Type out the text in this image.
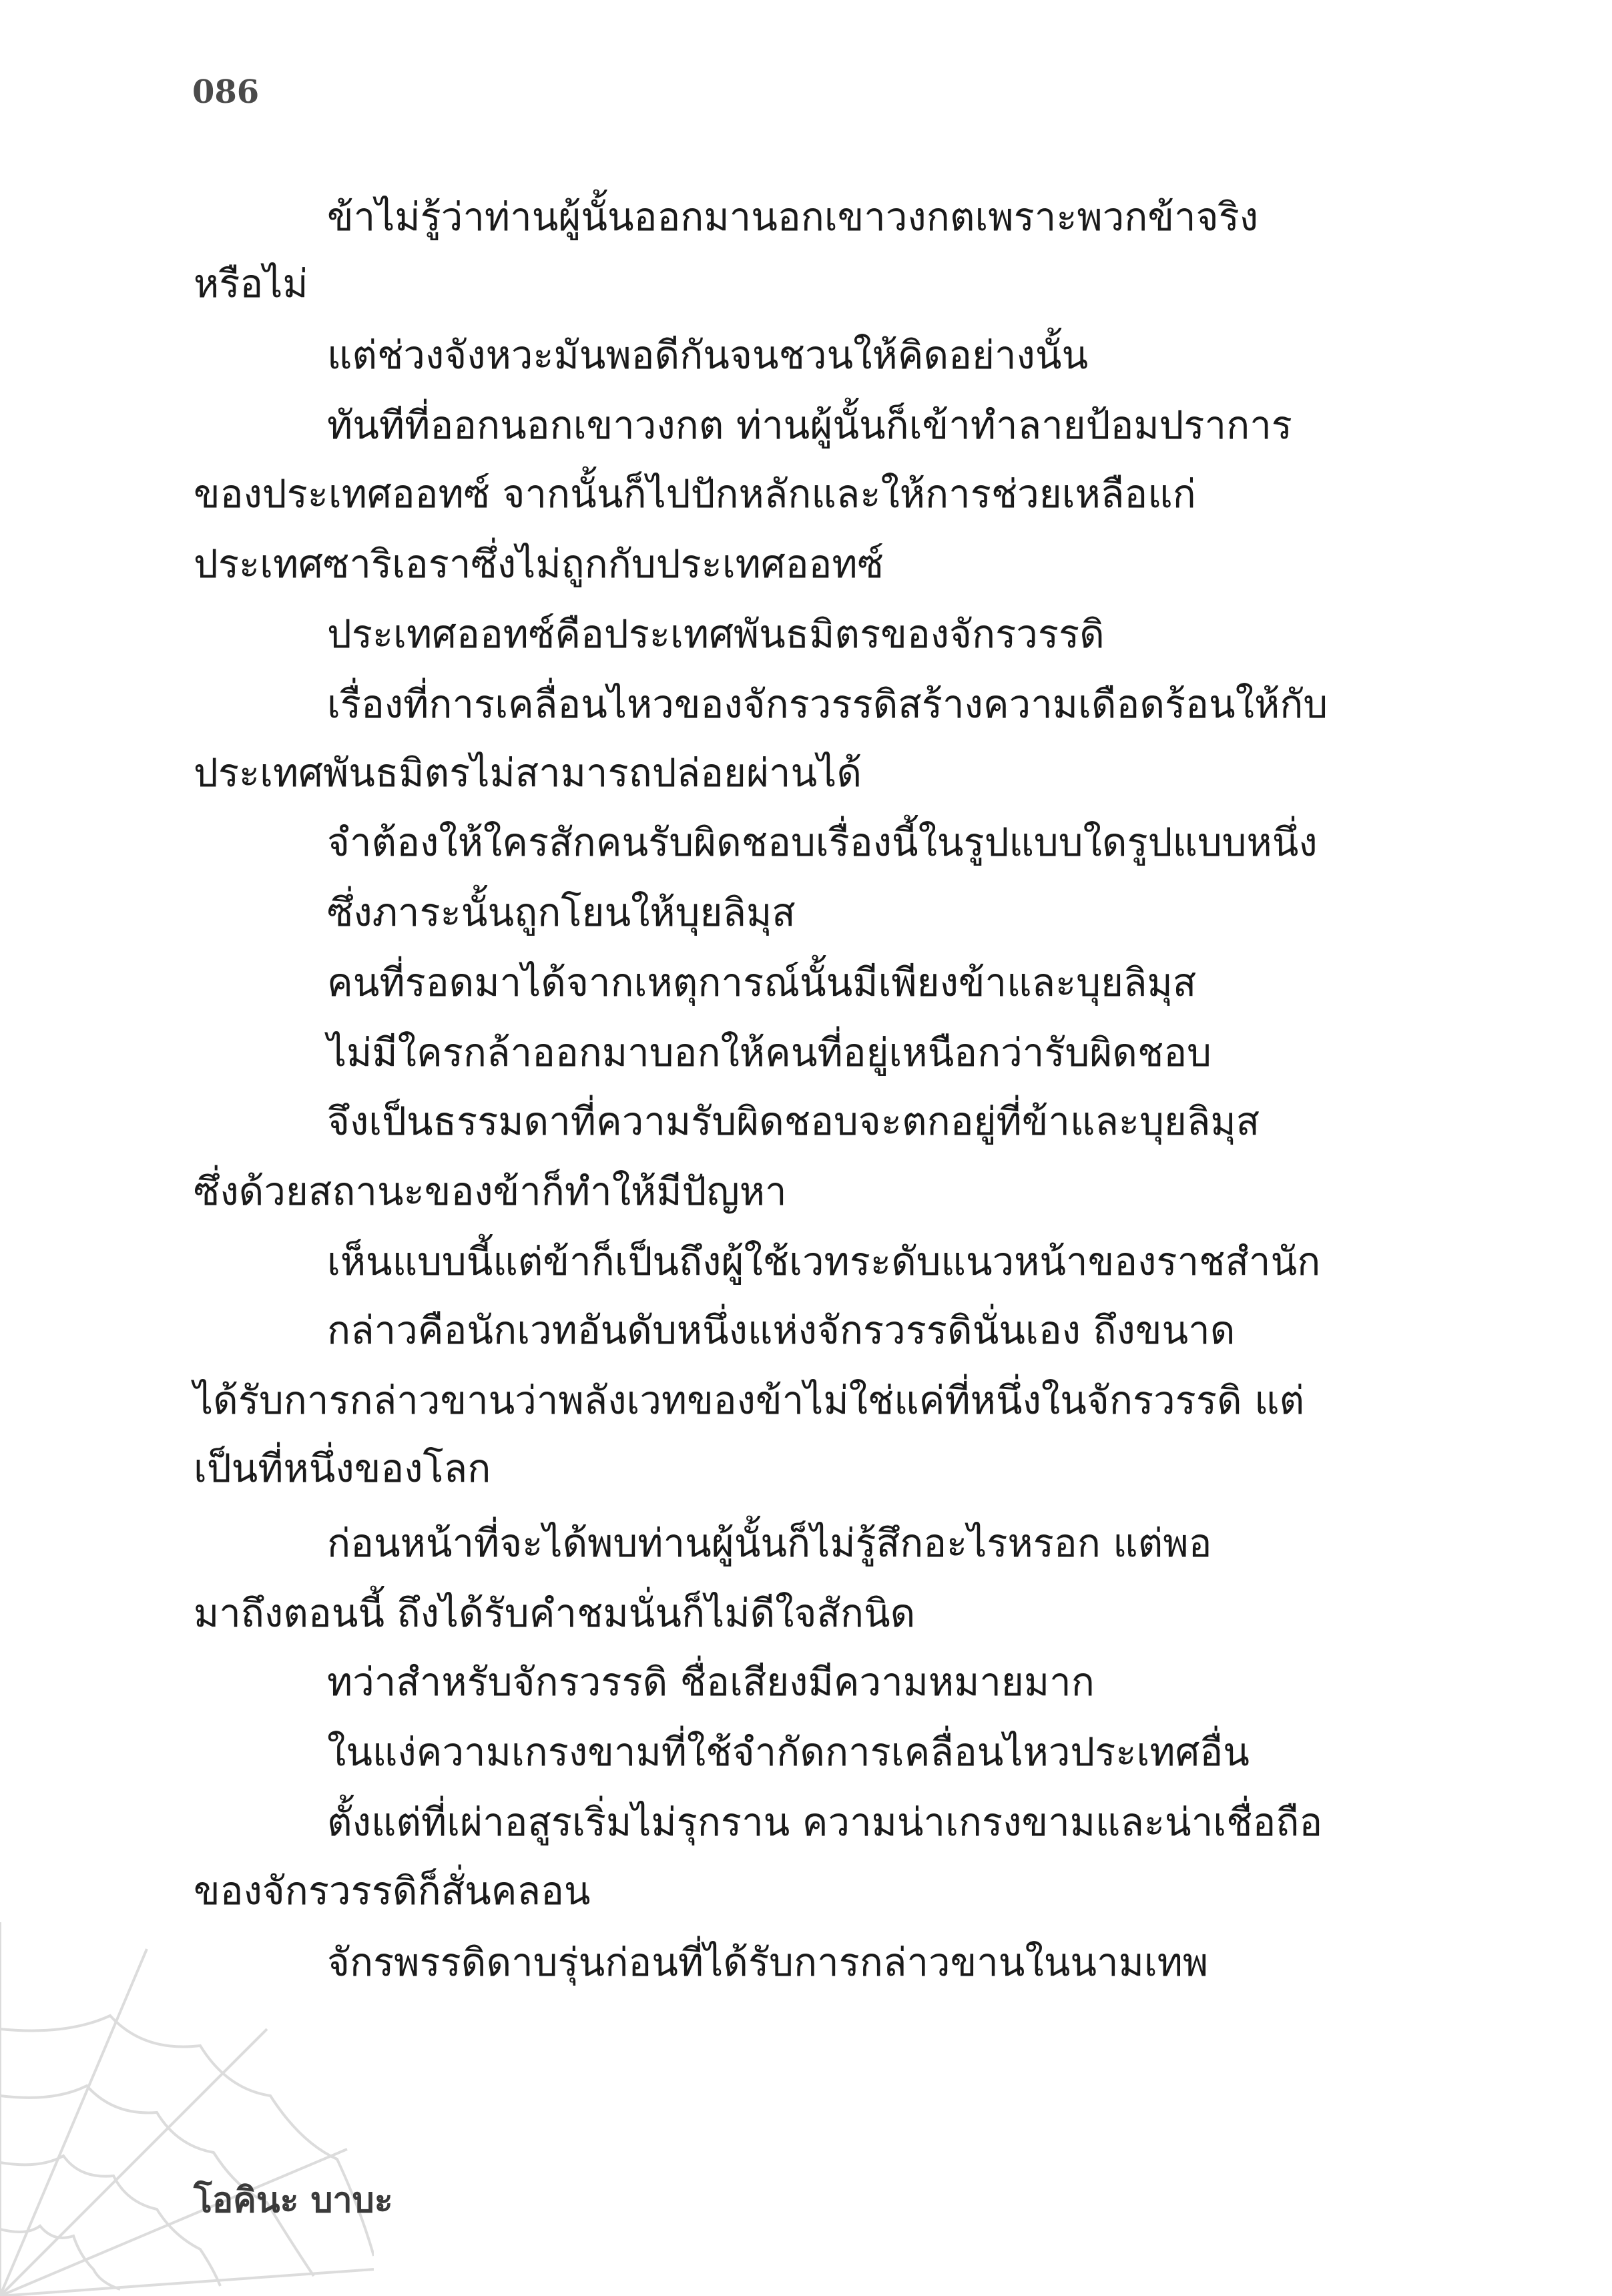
086
ข้าไม่รู้ว่าท่านผู้นั้นออกมานอกเขาวงกตเพราะพวกข้าจริง
หรือไม่
แต่ช่วงจังหวะมันพอดีกันจนชวนให้คิดอย่างนั้น
ทันทีที่ออกนอกเขาวงกต ท่านผู้นั้นก็เข้าทำลายป้อมปราการ
ของประเทศออทซ์ จากนั้นก็ไปปักหลักและให้การช่วยเหลือแก่
ประเทศซาริเอราซึ่งไม่ถูกกับประเทศออทซ์
ประเทศออทซ์คือประเทศพันธมิตรของจักรวรรดิ
เรื่องที่การเคลื่อนไหวของจักรวรรดิสร้างความเดือดร้อนให้กับ
ประเทศพันธมิตรไม่สามารถปล่อยผ่านได้
จำต้องให้ใครสักคนรับผิดชอบเรื่องนี้ในรูปแบบใดรูปแบบหนึ่ง
ซึ่งภาระนั้นถูกโยนให้บุยลิมุส
คนที่รอดมาได้จากเหตุการณ์นั้นมีเพียงข้าและบุยลิมุส
ไม่มีใครกล้าออกมาบอกให้คนที่อยู่เหนือกว่ารับผิดชอบ
จึงเป็นธรรมดาที่ความรับผิดชอบจะตกอยู่ที่ข้าและบุยลิมุส
ซึ่งด้วยสถานะของข้าก็ทำให้มีปัญหา
เห็นแบบนี้แต่ข้าก็เป็นถึงผู้ใช้เวทระดับแนวหน้าของราชสำนัก
กล่าวคือนักเวทอันดับหนึ่งแห่งจักรวรรดินั่นเอง ถึงขนาด
ได้รับการกล่าวขานว่าพลังเวทของข้าไม่ใช่แค่ที่หนึ่งในจักรวรรดิ แต่
เป็นที่หนึ่งของโลก
ก่อนหน้าที่จะได้พบท่านผู้นั้นก็ไม่รู้สึกอะไรหรอก แต่พอ
มาถึงตอนนี้ ถึงได้รับคำชมนั่นก็ไม่ดีใจสักนิด
ทว่าสำหรับจักรวรรดิ ชื่อเสียงมีความหมายมาก
ในแง่ความเกรงขามที่ใช้จำกัดการเคลื่อนไหวประเทศอื่น
ตั้งแต่ที่เผ่าอสูรเริ่มไม่รุกราน ความน่าเกรงขามและน่าเชื่อถือ
ของจักรวรรดิก็สั่นคลอน
จักรพรรดิดาบรุ่นก่อนที่ได้รับการกล่าวขานในนามเทพ
โอคินะ บาบะ
